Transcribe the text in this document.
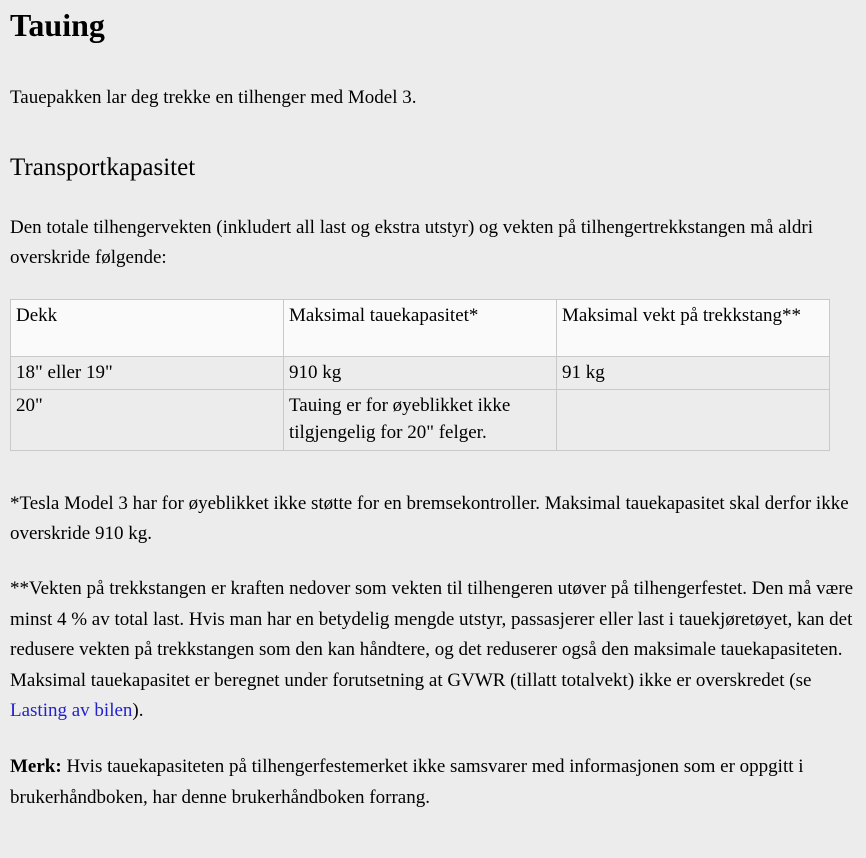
Tauing

Tauepakken lar deg trekke en tilhenger med Model 3.

Transportkapasitet

Den totale tilhengervekten (inkludert all last og ekstra utstyr) og vekten på tilhengertrekkstangen må aldri overskride følgende:

Dekk	Maksimal tauekapasitet*	Maksimal vekt på trekkstang**
18" eller 19"	910 kg	91 kg
20"	Tauing er for øyeblikket ikke tilgjengelig for 20" felger.	

*Tesla Model 3 har for øyeblikket ikke støtte for en bremsekontroller. Maksimal tauekapasitet skal derfor ikke overskride 910 kg.

**Vekten på trekkstangen er kraften nedover som vekten til tilhengeren utøver på tilhengerfestet. Den må være minst 4 % av total last. Hvis man har en betydelig mengde utstyr, passasjerer eller last i tauekjøretøyet, kan det redusere vekten på trekkstangen som den kan håndtere, og det reduserer også den maksimale tauekapasiteten. Maksimal tauekapasitet er beregnet under forutsetning at GVWR (tillatt totalvekt) ikke er overskredet (se Lasting av bilen).

Merk: Hvis tauekapasiteten på tilhengerfestemerket ikke samsvarer med informasjonen som er oppgitt i brukerhåndboken, har denne brukerhåndboken forrang.
